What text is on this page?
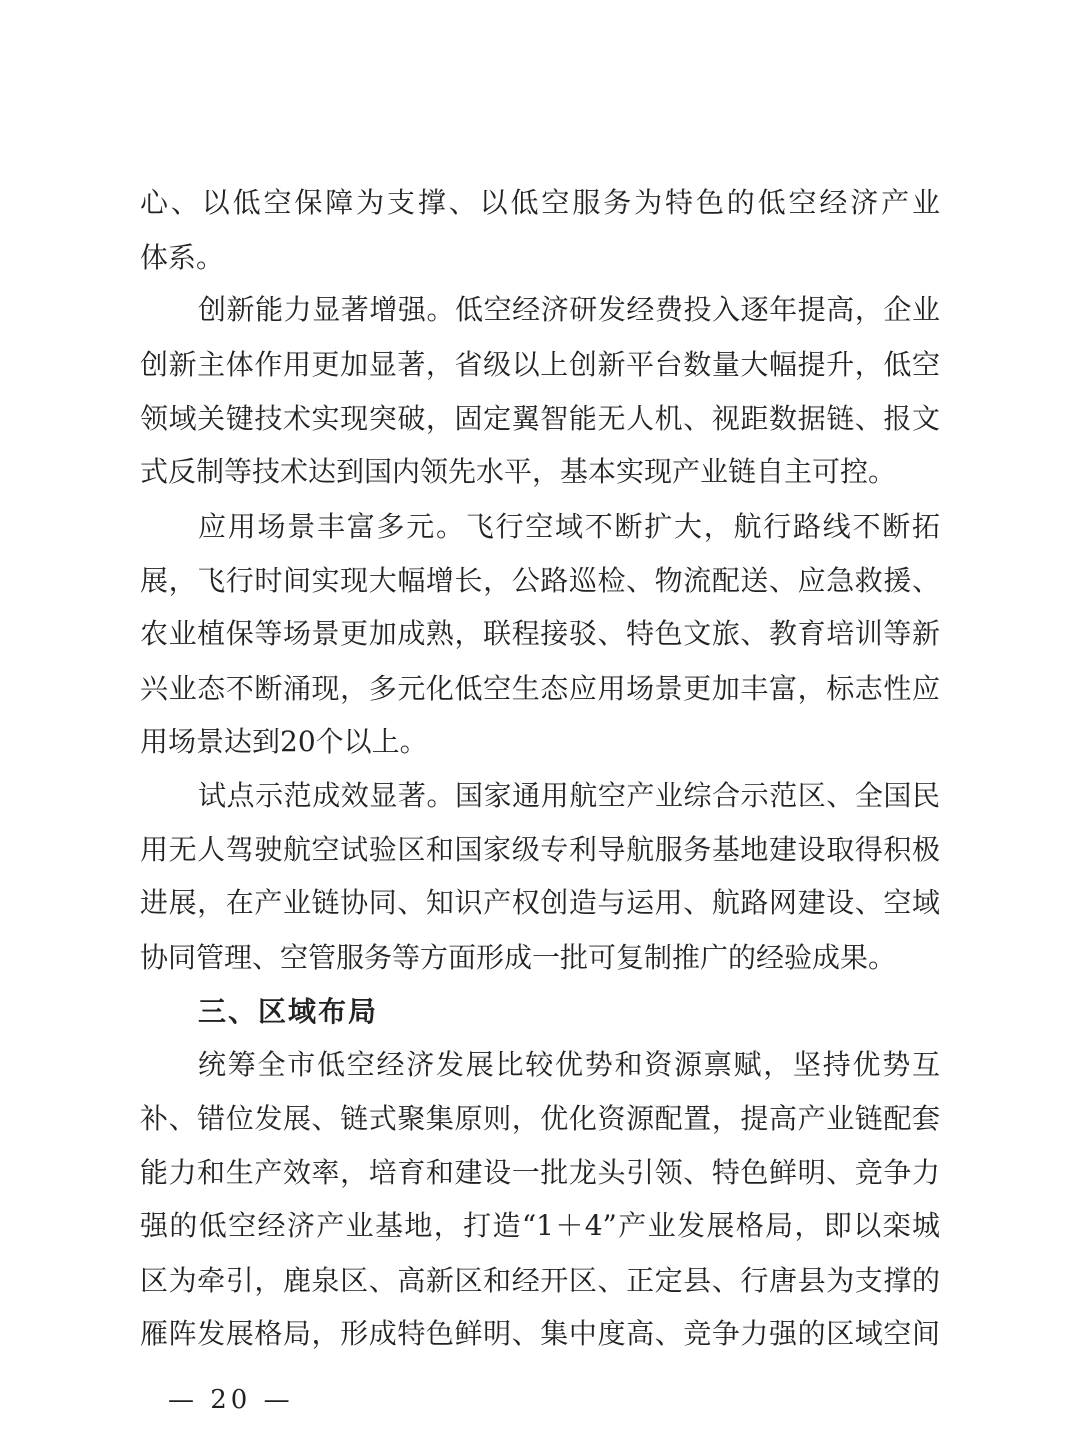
心、以低空保障为支撑、以低空服务为特色的低空经济产业
体系。
创新能力显著增强。低空经济研发经费投入逐年提高，企业
创新主体作用更加显著，省级以上创新平台数量大幅提升，低空
领域关键技术实现突破，固定翼智能无人机、视距数据链、报文
式反制等技术达到国内领先水平，基本实现产业链自主可控。
应用场景丰富多元。飞行空域不断扩大，航行路线不断拓
展，飞行时间实现大幅增长，公路巡检、物流配送、应急救援、
农业植保等场景更加成熟，联程接驳、特色文旅、教育培训等新
兴业态不断涌现，多元化低空生态应用场景更加丰富，标志性应
用场景达到20个以上。
试点示范成效显著。国家通用航空产业综合示范区、全国民
用无人驾驶航空试验区和国家级专利导航服务基地建设取得积极
进展，在产业链协同、知识产权创造与运用、航路网建设、空域
协同管理、空管服务等方面形成一批可复制推广的经验成果。
三、区域布局
统筹全市低空经济发展比较优势和资源禀赋，坚持优势互
补、错位发展、链式聚集原则，优化资源配置，提高产业链配套
能力和生产效率，培育和建设一批龙头引领、特色鲜明、竞争力
强的低空经济产业基地，打造“1＋4”产业发展格局，即以栾城
区为牵引，鹿泉区、高新区和经开区、正定县、行唐县为支撑的
雁阵发展格局，形成特色鲜明、集中度高、竞争力强的区域空间
— 20 —
